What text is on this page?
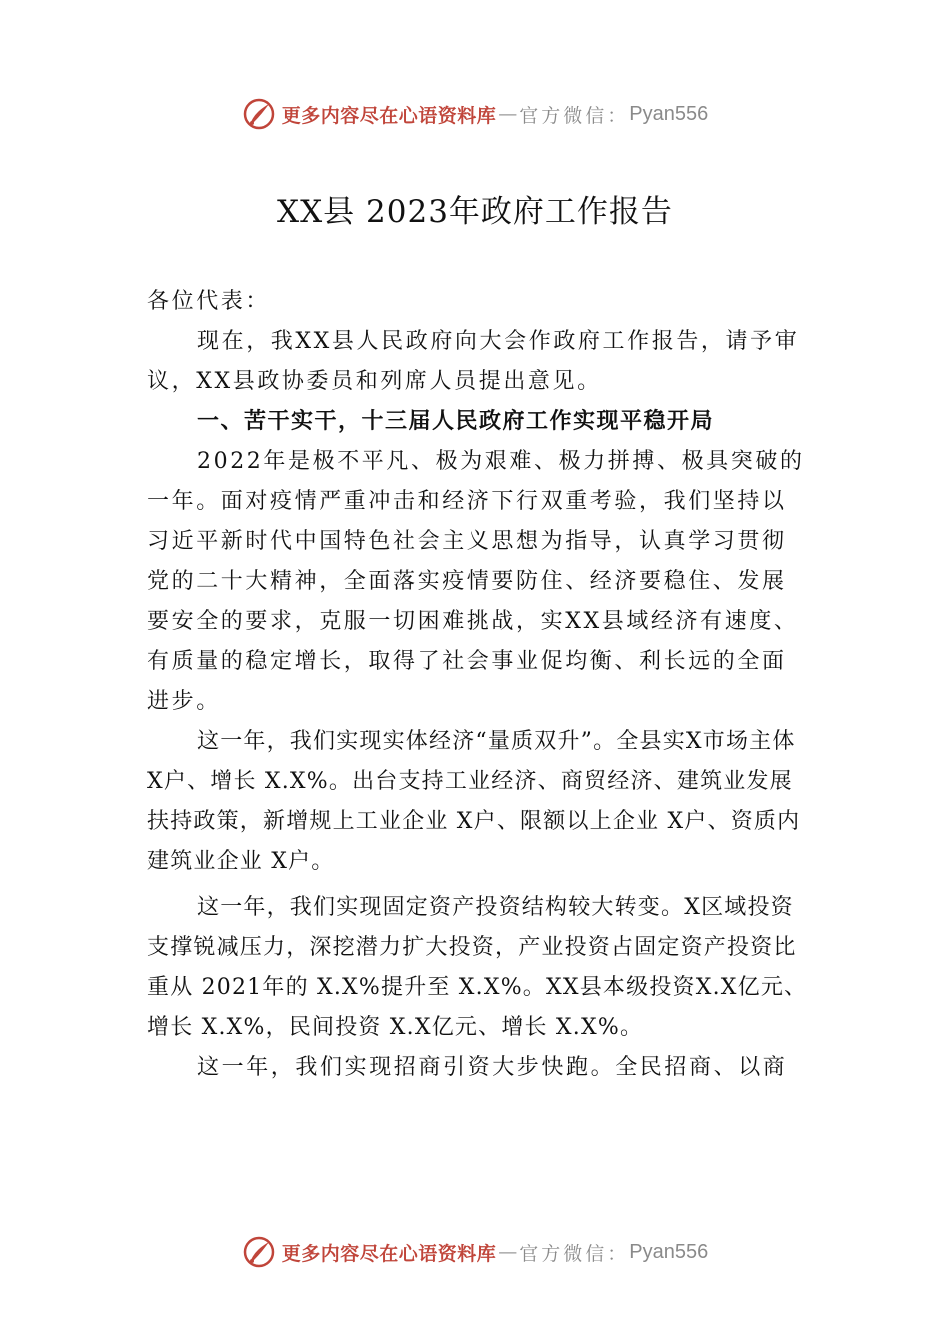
更多内容尽在心语资料库 — 官方微信： Pyan556
XX县 2023年政府工作报告

各位代表：

现在，我XX县人民政府向大会作政府工作报告，请予审议，XX县政协委员和列席人员提出意见。

一、苦干实干，十三届人民政府工作实现平稳开局

2022年是极不平凡、极为艰难、极力拼搏、极具突破的一年。面对疫情严重冲击和经济下行双重考验，我们坚持以习近平新时代中国特色社会主义思想为指导，认真学习贯彻党的二十大精神，全面落实疫情要防住、经济要稳住、发展要安全的要求，克服一切困难挑战，实XX县域经济有速度、有质量的稳定增长，取得了社会事业促均衡、利长远的全面进步。

这一年，我们实现实体经济“量质双升”。全县实X市场主体 X户、增长 X.X%。出台支持工业经济、商贸经济、建筑业发展扶持政策，新增规上工业企业 X户、限额以上企业 X户、资质内建筑业企业 X户。

这一年，我们实现固定资产投资结构较大转变。X区域投资支撑锐减压力，深挖潜力扩大投资，产业投资占固定资产投资比重从 2021年的 X.X%提升至 X.X%。XX县本级投资X.X亿元、增长 X.X%，民间投资 X.X亿元、增长 X.X%。

这一年，我们实现招商引资大步快跑。全民招商、以商

更多内容尽在心语资料库 — 官方微信： Pyan556
